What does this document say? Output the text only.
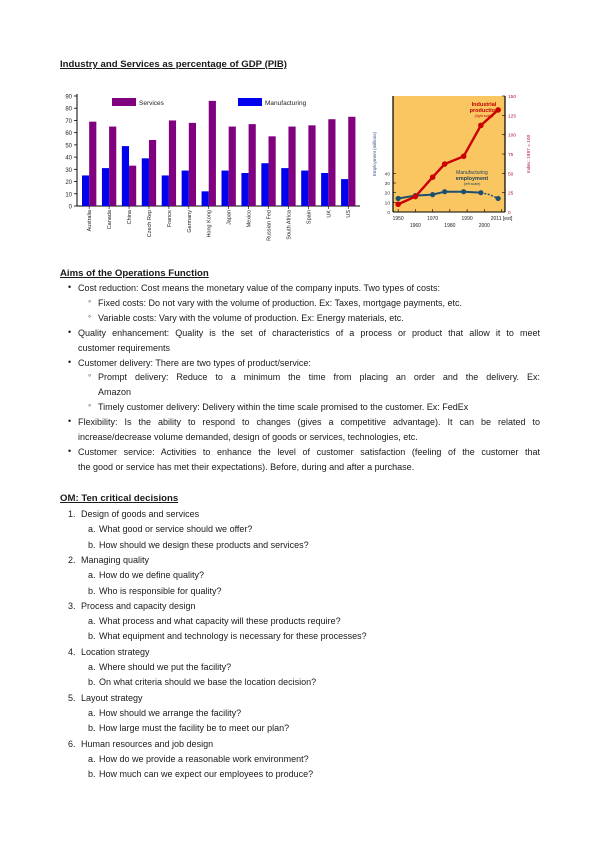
Industry and Services as percentage of GDP (PIB)
0
10
20
30
40
50
60
70
80
90
Australia	Canada	China	Czech Rep	France	Germany	Hong Kong	Japan	Mexico	Russian Fed	South Africa	Spain	UK	US
Services	Manufacturing
0
10
20
30
40
0
25
50
75
100
125
150
Employment (millions)	Index: 1997 = 100
1950	1970	1990	2011 [est]
1960	1980	2000
Industrial
production
(right scale)
Manufacturing
employment
(left scale)
Aims of the Operations Function
• Cost reduction: Cost means the monetary value of the company inputs. Two types of costs:
◦ Fixed costs: Do not vary with the volume of production. Ex: Taxes, mortgage payments, etc.
◦ Variable costs: Vary with the volume of production. Ex: Energy materials, etc.
• Quality enhancement: Quality is the set of characteristics of a process or product that allow it to meet
customer requirements
• Customer delivery: There are two types of product/service:
◦ Prompt delivery: Reduce to a minimum the time from placing an order and the delivery. Ex:
Amazon
◦ Timely customer delivery: Delivery within the time scale promised to the customer. Ex: FedEx
• Flexibility: Is the ability to respond to changes (gives a competitive advantage). It can be related to
increase/decrease volume demanded, design of goods or services, technologies, etc.
• Customer service: Activities to enhance the level of customer satisfaction (feeling of the customer that
the good or service has met their expectations). Before, during and after a purchase.
OM: Ten critical decisions
1. Design of goods and services
a. What good or service should we offer?
b. How should we design these products and services?
2. Managing quality
a. How do we define quality?
b. Who is responsible for quality?
3. Process and capacity design
a. What process and what capacity will these products require?
b. What equipment and technology is necessary for these processes?
4. Location strategy
a. Where should we put the facility?
b. On what criteria should we base the location decision?
5. Layout strategy
a. How should we arrange the facility?
b. How large must the facility be to meet our plan?
6. Human resources and job design
a. How do we provide a reasonable work environment?
b. How much can we expect our employees to produce?
